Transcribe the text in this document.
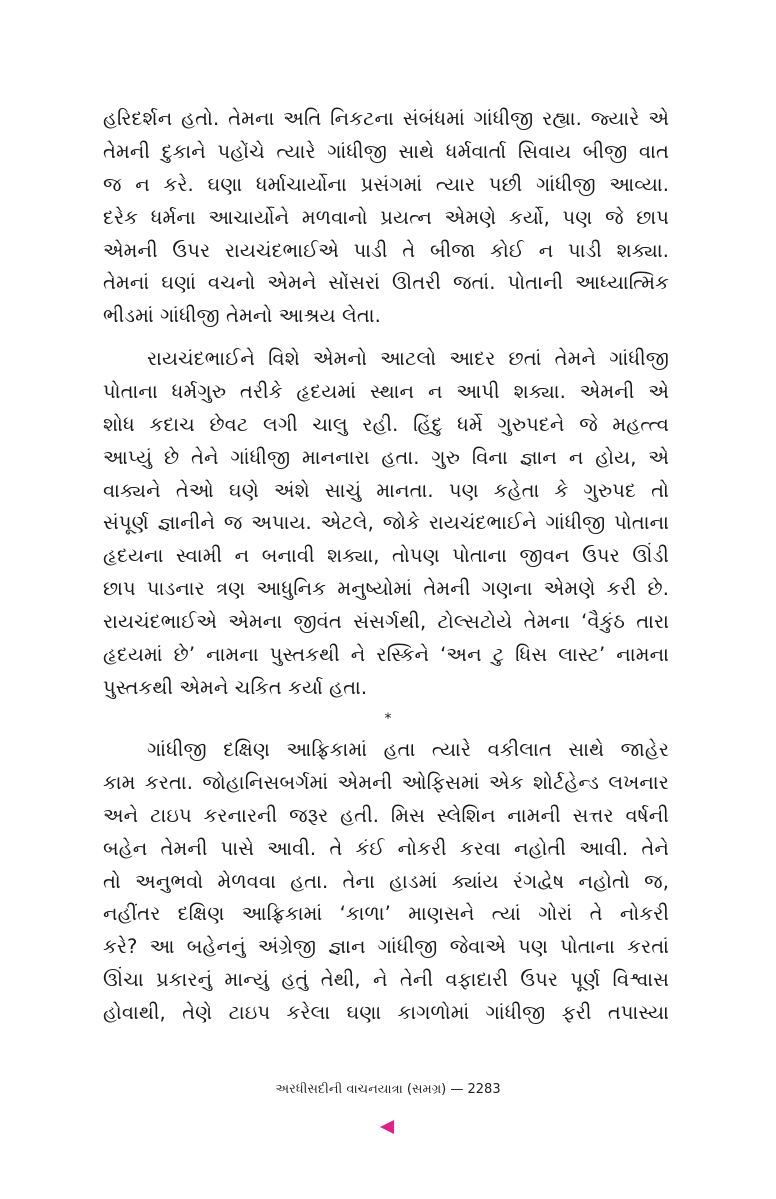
હરિદર્શન હતો. તેમના અતિ નિકટના સંબંધમાં ગાંધીજી રહ્યા. જ્યારે એ
તેમની દુકાને પહોંચે ત્યારે ગાંધીજી સાથે ધર્મવાર્તા સિવાય બીજી વાત
જ ન કરે. ઘણા ધર્માચાર્યોના પ્રસંગમાં ત્યાર પછી ગાંધીજી આવ્યા.
દરેક ધર્મના આચાર્યોને મળવાનો પ્રયત્ન એમણે કર્યો, પણ જે છાપ
એમની ઉપર રાયચંદભાઈએ પાડી તે બીજા કોઈ ન પાડી શક્યા.
તેમનાં ઘણાં વચનો એમને સોંસરાં ઊતરી જતાં. પોતાની આધ્યાત્મિક
ભીડમાં ગાંધીજી તેમનો આશ્રય લેતા.
રાયચંદભાઈને વિશે એમનો આટલો આદર છતાં તેમને ગાંધીજી
પોતાના ધર્મગુરુ તરીકે હૃદયમાં સ્થાન ન આપી શક્યા. એમની એ
શોધ કદાચ છેવટ લગી ચાલુ રહી. હિંદુ ધર્મે ગુરુપદને જે મહત્ત્વ
આપ્યું છે તેને ગાંધીજી માનનારા હતા. ગુરુ વિના જ્ઞાન ન હોય, એ
વાક્યને તેઓ ઘણે અંશે સાચું માનતા. પણ કહેતા કે ગુરુપદ તો
સંપૂર્ણ જ્ઞાનીને જ અપાય. એટલે, જોકે રાયચંદભાઈને ગાંધીજી પોતાના
હૃદયના સ્વામી ન બનાવી શક્યા, તોપણ પોતાના જીવન ઉપર ઊંડી
છાપ પાડનાર ત્રણ આધુનિક મનુષ્યોમાં તેમની ગણના એમણે કરી છે.
રાયચંદભાઈએ એમના જીવંત સંસર્ગથી, ટોલ્સટોયે તેમના ‘વૈકુંઠ તારા
હૃદયમાં છે’ નામના પુસ્તકથી ને રસ્કિને ‘અન ટુ ધિસ લાસ્ટ’ નામના
પુસ્તકથી એમને ચકિત કર્યા હતા.
*
ગાંધીજી દક્ષિણ આફ્રિકામાં હતા ત્યારે વકીલાત સાથે જાહેર
કામ કરતા. જોહાનિસબર્ગમાં એમની ઓફિસમાં એક શોર્ટહેન્ડ લખનાર
અને ટાઇપ કરનારની જરૂર હતી. મિસ સ્લેશિન નામની સત્તર વર્ષની
બહેન તેમની પાસે આવી. તે કંઈ નોકરી કરવા નહોતી આવી. તેને
તો અનુભવો મેળવવા હતા. તેના હાડમાં ક્યાંય રંગદ્વેષ નહોતો જ,
નહીંતર દક્ષિણ આફ્રિકામાં ‘કાળા’ માણસને ત્યાં ગોરાં તે નોકરી
કરે? આ બહેનનું અંગ્રેજી જ્ઞાન ગાંધીજી જેવાએ પણ પોતાના કરતાં
ઊંચા પ્રકારનું માન્યું હતું તેથી, ને તેની વફાદારી ઉપર પૂર્ણ વિશ્વાસ
હોવાથી, તેણે ટાઇપ કરેલા ઘણા કાગળોમાં ગાંધીજી ફરી તપાસ્યા
અરધીસદીની વાચનયાત્રા (સમગ્ર) — 2283
